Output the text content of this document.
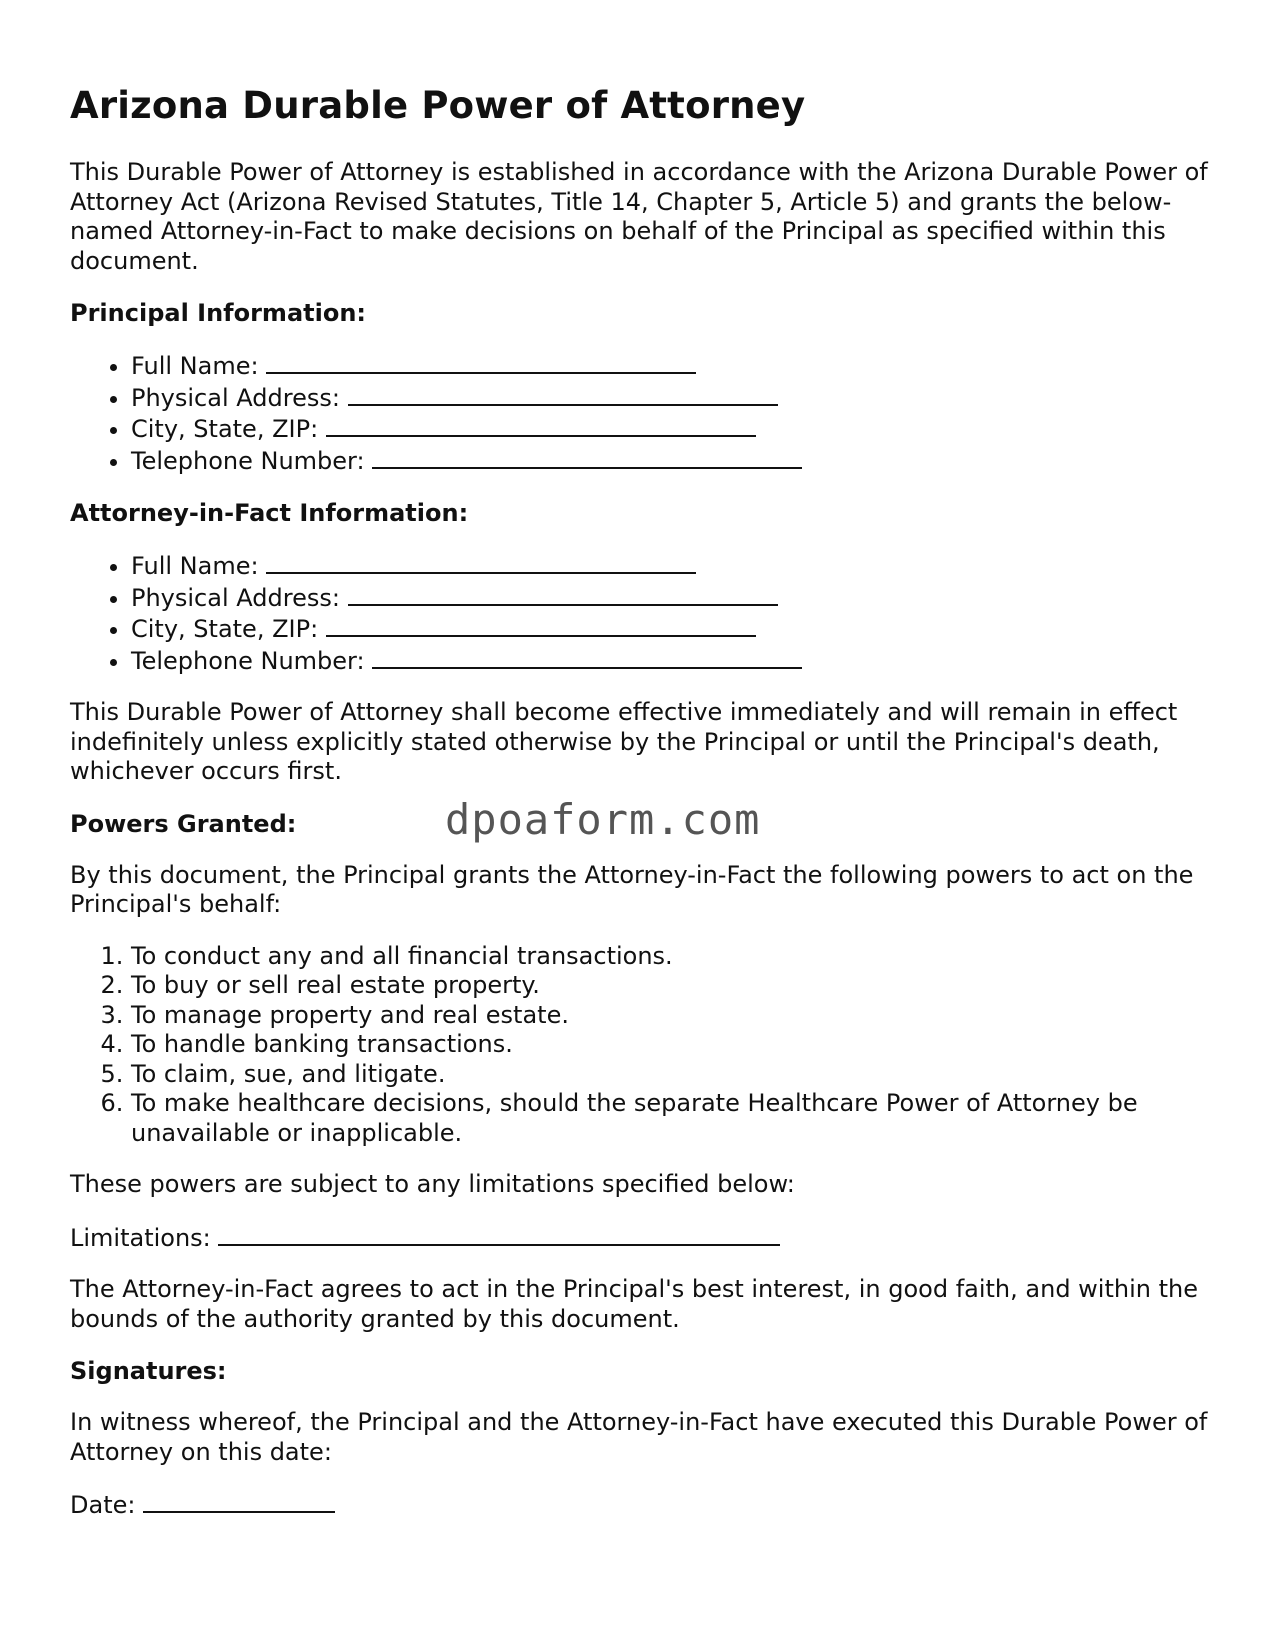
Arizona Durable Power of Attorney

This Durable Power of Attorney is established in accordance with the Arizona Durable Power of Attorney Act (Arizona Revised Statutes, Title 14, Chapter 5, Article 5) and grants the below-named Attorney-in-Fact to make decisions on behalf of the Principal as specified within this document.

Principal Information:
• Full Name:
• Physical Address:
• City, State, ZIP:
• Telephone Number:
Attorney-in-Fact Information:
• Full Name:
• Physical Address:
• City, State, ZIP:
• Telephone Number:

This Durable Power of Attorney shall become effective immediately and will remain in effect indefinitely unless explicitly stated otherwise by the Principal or until the Principal's death, whichever occurs first.

Powers Granted:	dpoaform.com

By this document, the Principal grants the Attorney-in-Fact the following powers to act on the Principal's behalf:

1. To conduct any and all financial transactions.
2. To buy or sell real estate property.
3. To manage property and real estate.
4. To handle banking transactions.
5. To claim, sue, and litigate.
6. To make healthcare decisions, should the separate Healthcare Power of Attorney be unavailable or inapplicable.

These powers are subject to any limitations specified below:

Limitations:

The Attorney-in-Fact agrees to act in the Principal's best interest, in good faith, and within the bounds of the authority granted by this document.

Signatures:

In witness whereof, the Principal and the Attorney-in-Fact have executed this Durable Power of Attorney on this date:

Date:
